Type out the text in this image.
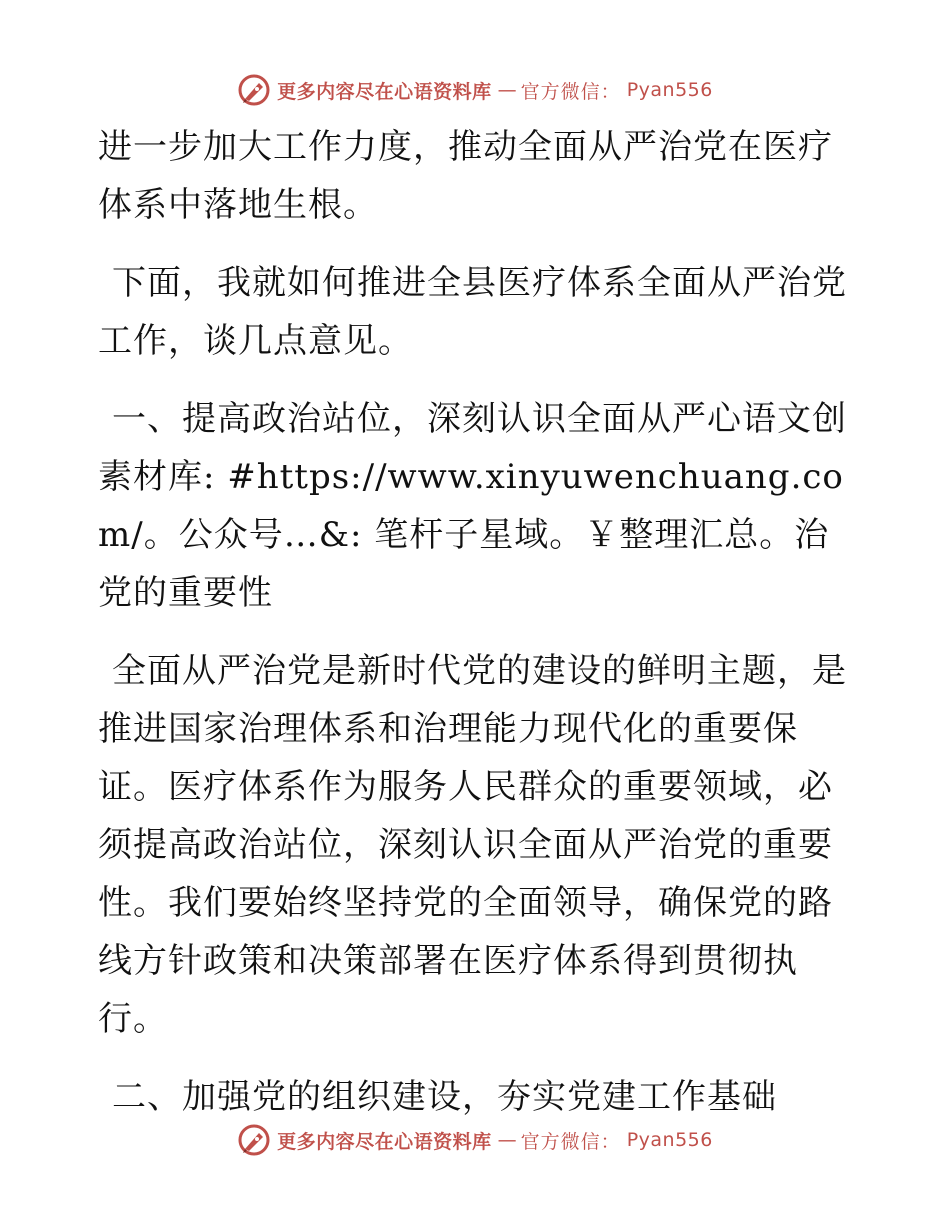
更多内容尽在心语资料库 — 官方微信： Pyan556

进一步加大工作力度，推动全面从严治党在医疗体系中落地生根。

下面，我就如何推进全县医疗体系全面从严治党工作，谈几点意见。

一、提高政治站位，深刻认识全面从严心语文创素材库: #https://www.xinyuwenchuang.com/。公众号…&: 笔杆子星域。￥整理汇总。治党的重要性

全面从严治党是新时代党的建设的鲜明主题，是推进国家治理体系和治理能力现代化的重要保证。医疗体系作为服务人民群众的重要领域，必须提高政治站位，深刻认识全面从严治党的重要性。我们要始终坚持党的全面领导，确保党的路线方针政策和决策部署在医疗体系得到贯彻执行。

二、加强党的组织建设，夯实党建工作基础

更多内容尽在心语资料库 — 官方微信： Pyan556
